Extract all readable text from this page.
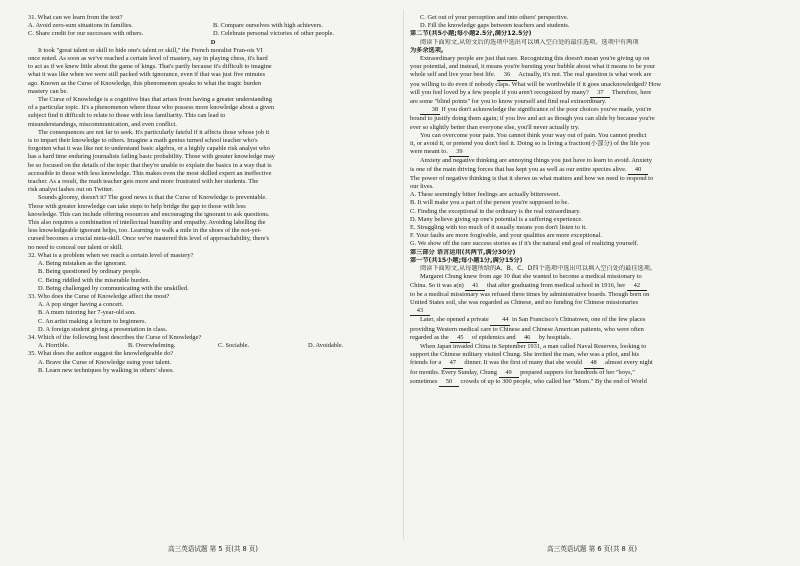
31. What can we learn from the text?
A. Avoid zero-sum situations in families.	B. Compare ourselves with high achievers.
C. Share credit for our successes with others.	D. Celebrate personal victories of other people.
D
It took "great talent or skill to hide one's talent or skill," the French moralist Fran-ois VI
once noted. As soon as we've reached a certain level of mastery, say in playing chess, it's hard
to act as if we knew little about the game of kings. That's partly because it's difficult to imagine
what it was like when we were still packed with ignorance, even if that was just five minutes
ago. Known as the Curse of Knowledge, this phenomenon speaks to what the tragic burden
mastery can be.
The Curse of Knowledge is a cognitive bias that arises from having a greater understanding
of a particular topic. It's a phenomenon where those who possess more knowledge about a given
subject find it difficult to relate to those with less familiarity. This can lead to
misunderstandings, miscommunication, and even conflict.
The consequences are not far to seek. It's particularly fateful if it affects those whose job it
is to impart their knowledge to others. Imagine a math genius turned school teacher who's
forgotten what it was like not to understand basic algebra, or a highly capable risk analyst who
has a hard time enduring journalists failing basic probability. Those with greater knowledge may
be so focused on the details of the topic that they're unable to explain the basics in a way that is
accessible to those with less knowledge. This makes even the most skilled expert an ineffective
teacher. As a result, the math teacher gets more and more frustrated with her students. The
risk analyst lashes out on Twitter.
Sounds gloomy, doesn't it? The good news is that the Curse of Knowledge is preventable.
Those with greater knowledge can take steps to help bridge the gap to those with less
knowledge. This can include offering resources and encouraging the ignorant to ask questions.
This also requires a combination of intellectual humility and empathy. Avoiding labelling the
less knowledgeable ignorant helps, too. Learning to walk a mile in the shoes of the not-yet-
cursed becomes a crucial meta-skill. Once we've mastered this level of approachability, there's
no need to conceal our talent or skill.
32. What is a problem when we reach a certain level of mastery?
A. Being mistaken as the ignorant.
B. Being questioned by ordinary people.
C. Being riddled with the miserable burden.
D. Being challenged by communicating with the unskilled.
33. Who does the Curse of Knowledge affect the most?
A. A pop singer having a concert.
B. A mum tutoring her 7-year-old son.
C. An artist making a lecture to beginners.
D. A foreign student giving a presentation in class.
34. Which of the following best describes the Curse of Knowledge?
A. Horrible.	B. Overwhelming.	C. Sociable.	D. Avoidable.
35. What does the author suggest the knowledgeable do?
A. Brave the Curse of Knowledge using your talent.
B. Learn new techniques by walking in others' shoes.
高三英语试题 第 5 页(共 8 页)
C. Get out of your perception and into others' perspective.
D. Fill the knowledge gaps between teachers and students.
第二节(共5小题;每小题2.5分,满分12.5分)
阅读下面短文,从短文后的选项中选出可以填入空白处的最佳选项。选项中有两项
为多余选项。
Extraordinary people are just that rare. Recognizing this doesn't mean you're giving up on
your potential, and instead, it means you're bursting your bubble about what it means to be your
whole self and live your best life. 36 Actually, it's not. The real question is what work are
you willing to do even if nobody claps. What will be worthwhile if it goes unacknowledged? How
will you feel loved by a few people if you aren't recognized by many? 37 Therefore, here
are some "blind points" for you to know yourself and find real extraordinary.
38 If you don't acknowledge the significance of the poor choices you've made, you're
bound to justify doing them again; if you live and act as though you can slide by because you're
ever so slightly better than everyone else, you'll never actually try.
You can overcome your pain. You cannot think your way out of pain. You cannot predict
it, or avoid it, or pretend you don't feel it. Doing so is living a fraction(小部分) of the life you
were meant to. 39
Anxiety and negative thinking are annoying things you just have to learn to avoid. Anxiety
is one of the main driving forces that has kept you as well as our entire species alive. 40
The power of negative thinking is that it shows us what matters and how we need to respond to
our lives.
A. These seemingly bitter feelings are actually bittersweet.
B. It will make you a part of the person you're supposed to be.
C. Finding the exceptional in the ordinary is the real extraordinary.
D. Many believe giving up one's potential is a suffering experience.
E. Struggling with too much of it usually means you don't listen to it.
F. Your faults are more forgivable, and your qualities are more exceptional.
G. We show off the rare success stories as if it's the natural end goal of realizing yourself.
第三部分 语言运用(共两节,满分30分)
第一节(共15小题;每小题1分,满分15分)
阅读下面短文,从每题所给的A、B、C、D四个选项中选出可以填入空白处的最佳选项。
Margaret Chung knew from age 10 that she wanted to become a medical missionary to
China. So it was a(n) 41 that after graduating from medical school in 1916, her 42
to be a medical missionary was refused three times by administrative boards. Though born on
United States soil, she was regarded as Chinese, and no funding for Chinese missionaries
43
Later, she opened a private 44 in San Francisco's Chinatown, one of the few places
providing Western medical care to Chinese and Chinese American patients, who were often
regarded as the 45 of epidemics and 46 by hospitals.
When Japan invaded China in September 1931, a man called Naval Reserves, looking to
support the Chinese military visited Chung. She invited the man, who was a pilot, and his
friends for a 47 dinner. It was the first of many that she would 48 almost every night
for months. Every Sunday, Chung 49 prepared suppers for hundreds of her "boys,"
sometimes 50 crowds of up to 300 people, who called her "Mom." By the end of World
高三英语试题 第 6 页(共 8 页)
